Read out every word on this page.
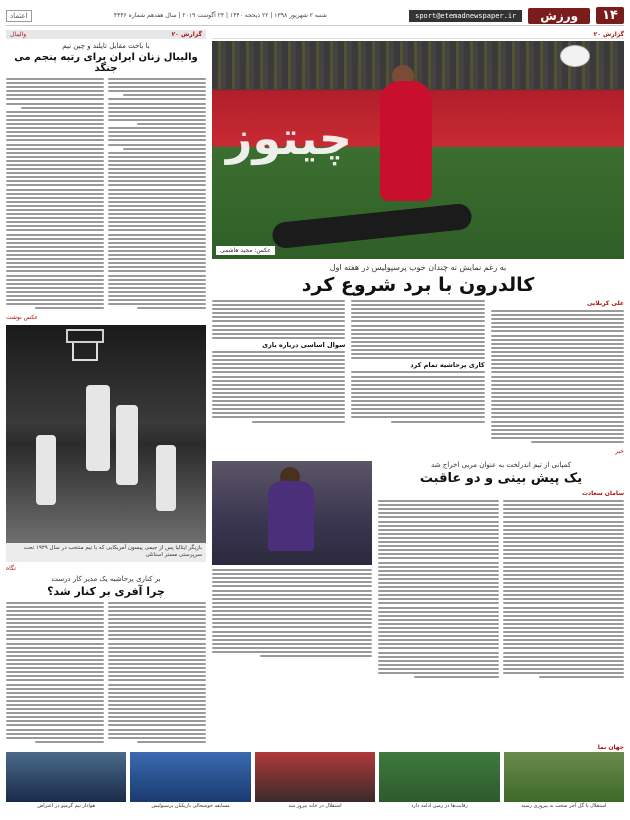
۱۴
ورزش
sport@etemadnewspaper.ir
شنبه ۲ شهریور ۱۳۹۸ | ۲۲ ذیحجه ۱۴۴۰ | ۲۴ آگوست ۲۰۱۹ | سال هفدهم شماره ۴۴۴۶
اعتماد
گزارش ۲۰
والیبال
با باخت مقابل تایلند و چین تیم
والیبال زنان ایران برای رتبه پنجم می جنگد
عکس نوشت
بازیگر ایتالیا پس از جیمی پیسون آمریکایی که با تیم منتخب‌ در سال ۱۹۴۹ تحت سرپرستی مستر استانلی
نگاه
بر کناری پرحاشیه یک مدیر کار درست
چرا آفری بر کنار شد؟
گزارش ۲۰
چیتوز
عکس: مجید هاشمی
به رغم نمایش نه چندان خوب پرسپولیس در هفته اول
کالدرون با برد شروع کرد
علی کربلایی
کاری پرحاشیه‌ تمام کرد
سوال اساسی درباره بازی
خبر
کمپانی از تیم اندرلخت به عنوان مربی اخراج شد
یک پیش بینی و دو عاقبت
سامان سعادت
جهان نما
استقلال با گل آخر سخت به پیروزی رسید
رقابت‌ها در زمین ادامه دارد
استقلال در خانه پیروز شد
مسابقه خوشحالی بازیکنان پرسپولیس
هوادار تیم گرمیو در اعتراض
